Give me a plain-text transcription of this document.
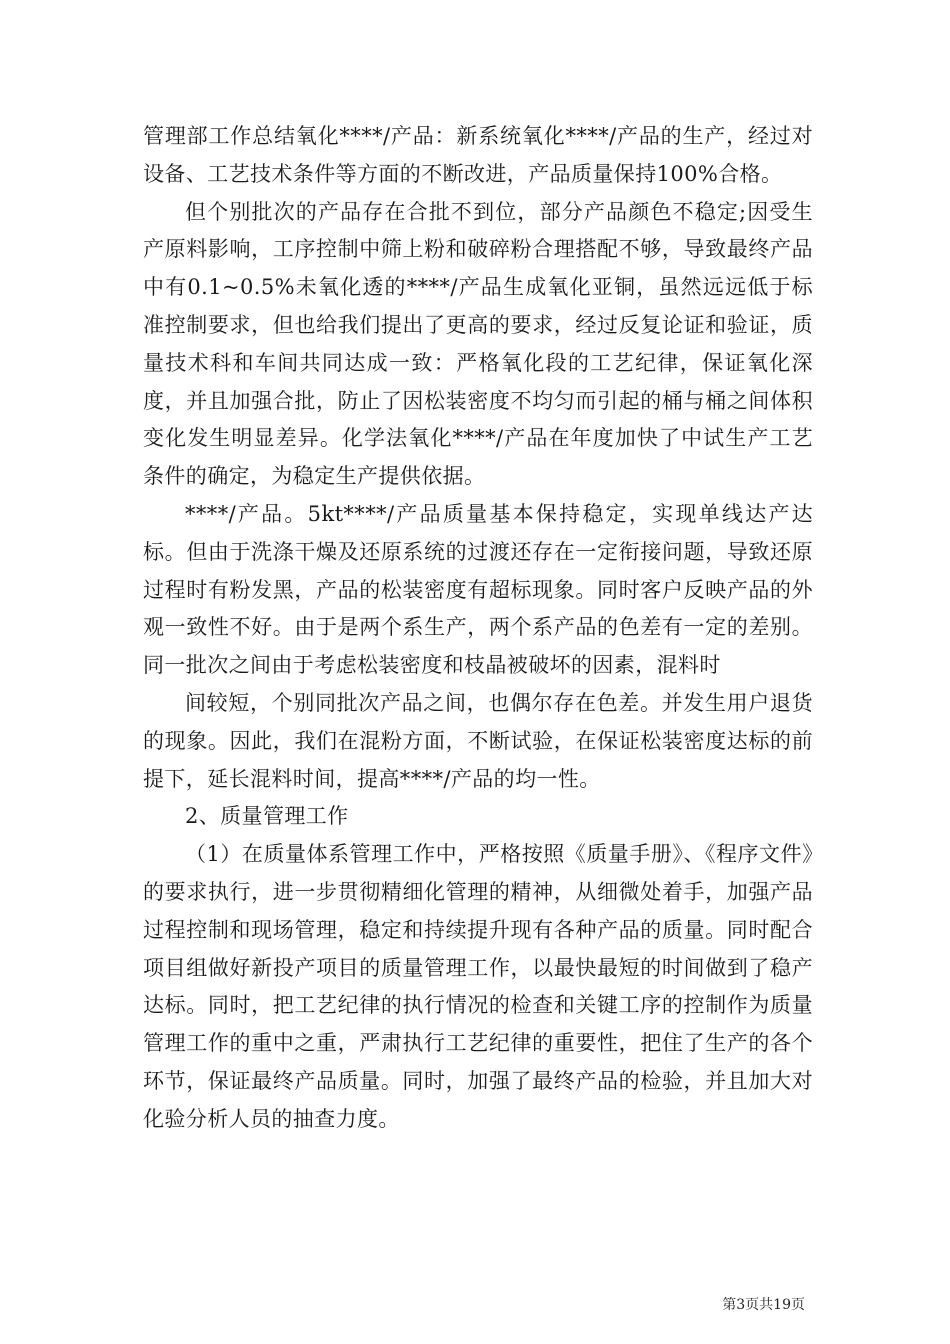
管理部工作总结氧化****/产品：新系统氧化****/产品的生产，经过对设备、工艺技术条件等方面的不断改进，产品质量保持100%合格。

但个别批次的产品存在合批不到位，部分产品颜色不稳定;因受生产原料影响，工序控制中筛上粉和破碎粉合理搭配不够，导致最终产品中有0.1~0.5%未氧化透的****/产品生成氧化亚铜，虽然远远低于标准控制要求，但也给我们提出了更高的要求，经过反复论证和验证，质量技术科和车间共同达成一致：严格氧化段的工艺纪律，保证氧化深度，并且加强合批，防止了因松装密度不均匀而引起的桶与桶之间体积变化发生明显差异。化学法氧化****/产品在年度加快了中试生产工艺条件的确定，为稳定生产提供依据。

****/产品。5kt****/产品质量基本保持稳定，实现单线达产达标。但由于洗涤干燥及还原系统的过渡还存在一定衔接问题，导致还原过程时有粉发黑，产品的松装密度有超标现象。同时客户反映产品的外观一致性不好。由于是两个系生产，两个系产品的色差有一定的差别。同一批次之间由于考虑松装密度和枝晶被破坏的因素，混料时

间较短，个别同批次产品之间，也偶尔存在色差。并发生用户退货的现象。因此，我们在混粉方面，不断试验，在保证松装密度达标的前提下，延长混料时间，提高****/产品的均一性。

2、质量管理工作

（1）在质量体系管理工作中，严格按照《质量手册》、《程序文件》的要求执行，进一步贯彻精细化管理的精神，从细微处着手，加强产品过程控制和现场管理，稳定和持续提升现有各种产品的质量。同时配合项目组做好新投产项目的质量管理工作，以最快最短的时间做到了稳产达标。同时，把工艺纪律的执行情况的检查和关键工序的控制作为质量管理工作的重中之重，严肃执行工艺纪律的重要性，把住了生产的各个环节，保证最终产品质量。同时，加强了最终产品的检验，并且加大对化验分析人员的抽查力度。

第3页共19页
